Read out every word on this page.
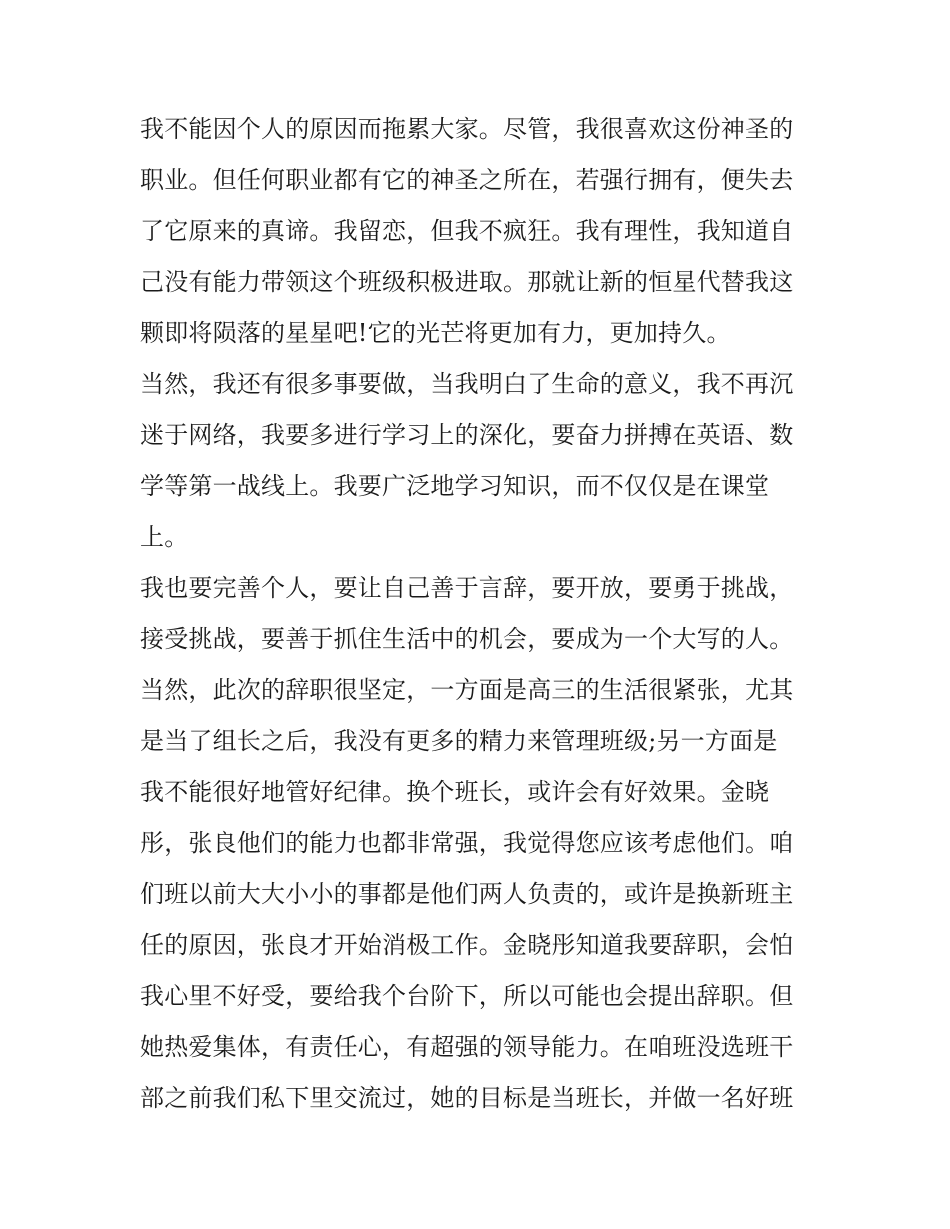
我不能因个人的原因而拖累大家。尽管，我很喜欢这份神圣的
职业。但任何职业都有它的神圣之所在，若强行拥有，便失去
了它原来的真谛。我留恋，但我不疯狂。我有理性，我知道自
己没有能力带领这个班级积极进取。那就让新的恒星代替我这
颗即将陨落的星星吧!它的光芒将更加有力，更加持久。
当然，我还有很多事要做，当我明白了生命的意义，我不再沉
迷于网络，我要多进行学习上的深化，要奋力拼搏在英语、数
学等第一战线上。我要广泛地学习知识，而不仅仅是在课堂
上。
我也要完善个人，要让自己善于言辞，要开放，要勇于挑战，
接受挑战，要善于抓住生活中的机会，要成为一个大写的人。
当然，此次的辞职很坚定，一方面是高三的生活很紧张，尤其
是当了组长之后，我没有更多的精力来管理班级;另一方面是
我不能很好地管好纪律。换个班长，或许会有好效果。金晓
彤，张良他们的能力也都非常强，我觉得您应该考虑他们。咱
们班以前大大小小的事都是他们两人负责的，或许是换新班主
任的原因，张良才开始消极工作。金晓彤知道我要辞职，会怕
我心里不好受，要给我个台阶下，所以可能也会提出辞职。但
她热爱集体，有责任心，有超强的领导能力。在咱班没选班干
部之前我们私下里交流过，她的目标是当班长，并做一名好班
